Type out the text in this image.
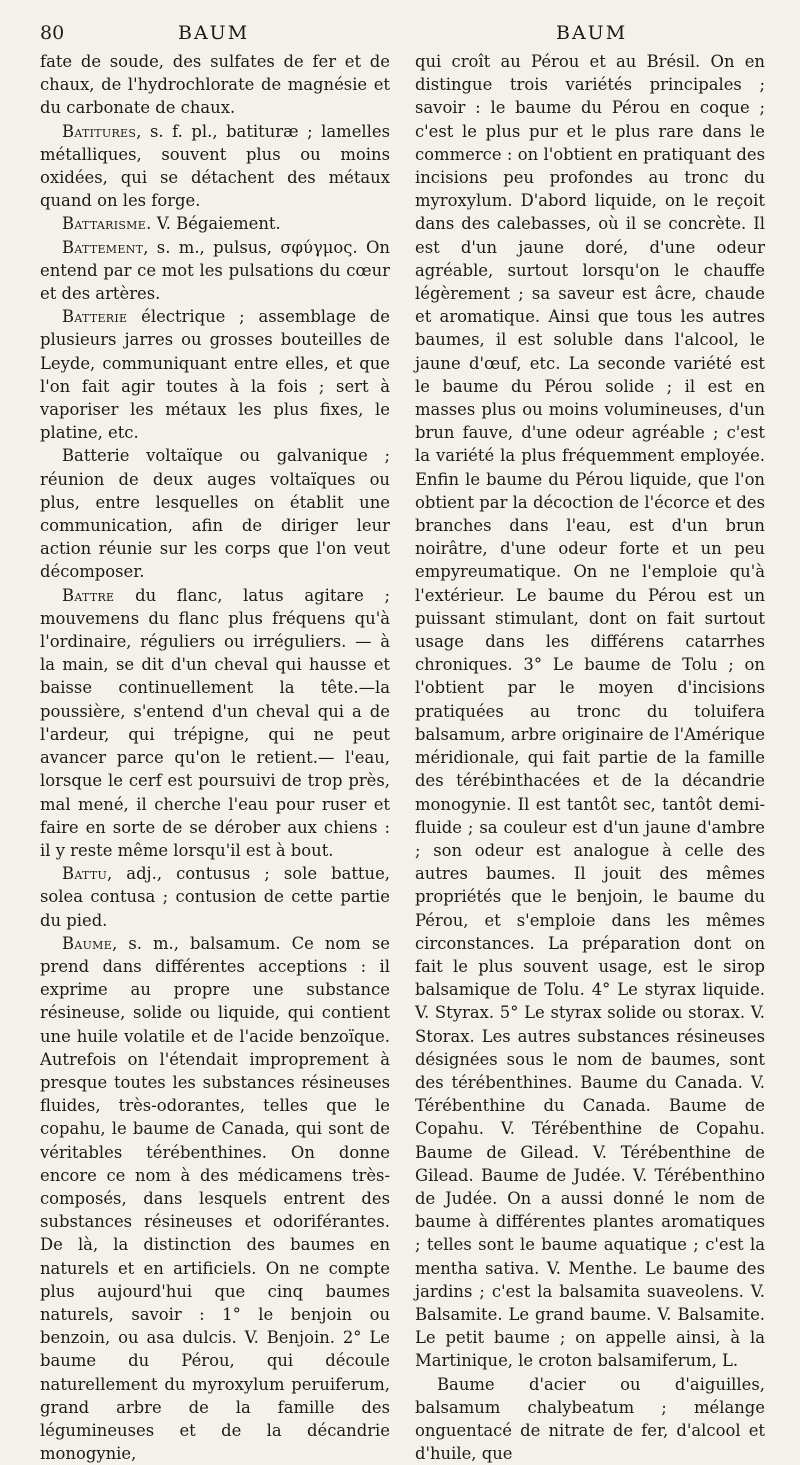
80	BAUM	BAUM

fate de soude, des sulfates de fer et de chaux, de l'hydrochlorate de magnésie et du carbonate de chaux.

Batitures, s. f. pl., batituræ ; lamelles métalliques, souvent plus ou moins oxidées, qui se détachent des métaux quand on les forge.

Battarisme. V. Bégaiement.

Battement, s. m., pulsus, σφύγμος. On entend par ce mot les pulsations du cœur et des artères.

Batterie électrique ; assemblage de plusieurs jarres ou grosses bouteilles de Leyde, communiquant entre elles, et que l'on fait agir toutes à la fois ; sert à vaporiser les métaux les plus fixes, le platine, etc.

Batterie voltaïque ou galvanique ; réunion de deux auges voltaïques ou plus, entre lesquelles on établit une communication, afin de diriger leur action réunie sur les corps que l'on veut décomposer.

Battre du flanc, latus agitare ; mouvemens du flanc plus fréquens qu'à l'ordinaire, réguliers ou irréguliers. — à la main, se dit d'un cheval qui hausse et baisse continuellement la tête.—la poussière, s'entend d'un cheval qui a de l'ardeur, qui trépigne, qui ne peut avancer parce qu'on le retient.— l'eau, lorsque le cerf est poursuivi de trop près, mal mené, il cherche l'eau pour ruser et faire en sorte de se dérober aux chiens : il y reste même lorsqu'il est à bout.

Battu, adj., contusus ; sole battue, solea contusa ; contusion de cette partie du pied.

Baume, s. m., balsamum. Ce nom se prend dans différentes acceptions : il exprime au propre une substance résineuse, solide ou liquide, qui contient une huile volatile et de l'acide benzoïque. Autrefois on l'étendait improprement à presque toutes les substances résineuses fluides, très-odorantes, telles que le copahu, le baume de Canada, qui sont de véritables térébenthines. On donne encore ce nom à des médicamens très-composés, dans lesquels entrent des substances résineuses et odoriférantes. De là, la distinction des baumes en naturels et en artificiels. On ne compte plus aujourd'hui que cinq baumes naturels, savoir : 1° le benjoin ou benzoin, ou asa dulcis. V. Benjoin. 2° Le baume du Pérou, qui découle naturellement du myroxylum peruiferum, grand arbre de la famille des légumineuses et de la décandrie monogynie,

qui croît au Pérou et au Brésil. On en distingue trois variétés principales ; savoir : le baume du Pérou en coque ; c'est le plus pur et le plus rare dans le commerce : on l'obtient en pratiquant des incisions peu profondes au tronc du myroxylum. D'abord liquide, on le reçoit dans des calebasses, où il se concrète. Il est d'un jaune doré, d'une odeur agréable, surtout lorsqu'on le chauffe légèrement ; sa saveur est âcre, chaude et aromatique. Ainsi que tous les autres baumes, il est soluble dans l'alcool, le jaune d'œuf, etc. La seconde variété est le baume du Pérou solide ; il est en masses plus ou moins volumineuses, d'un brun fauve, d'une odeur agréable ; c'est la variété la plus fréquemment employée. Enfin le baume du Pérou liquide, que l'on obtient par la décoction de l'écorce et des branches dans l'eau, est d'un brun noirâtre, d'une odeur forte et un peu empyreumatique. On ne l'emploie qu'à l'extérieur. Le baume du Pérou est un puissant stimulant, dont on fait surtout usage dans les différens catarrhes chroniques. 3° Le baume de Tolu ; on l'obtient par le moyen d'incisions pratiquées au tronc du toluifera balsamum, arbre originaire de l'Amérique méridionale, qui fait partie de la famille des térébinthacées et de la décandrie monogynie. Il est tantôt sec, tantôt demi-fluide ; sa couleur est d'un jaune d'ambre ; son odeur est analogue à celle des autres baumes. Il jouit des mêmes propriétés que le benjoin, le baume du Pérou, et s'emploie dans les mêmes circonstances. La préparation dont on fait le plus souvent usage, est le sirop balsamique de Tolu. 4° Le styrax liquide. V. Styrax. 5° Le styrax solide ou storax. V. Storax. Les autres substances résineuses désignées sous le nom de baumes, sont des térébenthines. Baume du Canada. V. Térébenthine du Canada. Baume de Copahu. V. Térébenthine de Copahu. Baume de Gilead. V. Térébenthine de Gilead. Baume de Judée. V. Térébenthino de Judée. On a aussi donné le nom de baume à différentes plantes aromatiques ; telles sont le baume aquatique ; c'est la mentha sativa. V. Menthe. Le baume des jardins ; c'est la balsamita suaveolens. V. Balsamite. Le grand baume. V. Balsamite. Le petit baume ; on appelle ainsi, à la Martinique, le croton balsamiferum, L.

Baume d'acier ou d'aiguilles, balsamum chalybeatum ; mélange onguentacé de nitrate de fer, d'alcool et d'huile, que
